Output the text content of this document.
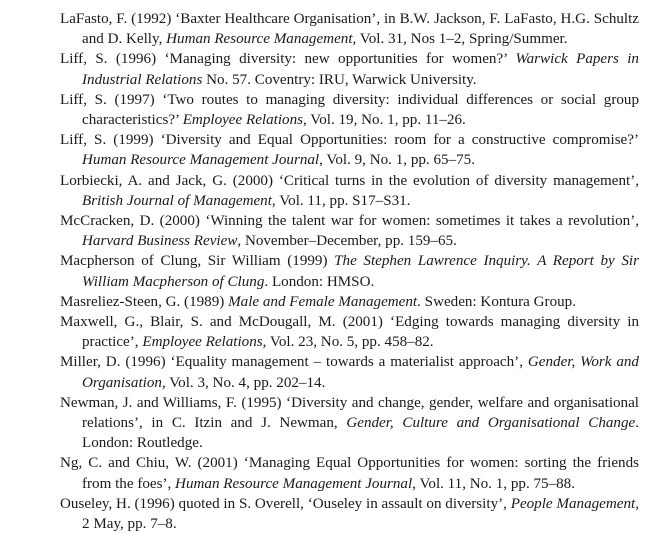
LaFasto, F. (1992) ‘Baxter Healthcare Organisation’, in B.W. Jackson, F. LaFasto, H.G. Schultz and D. Kelly, Human Resource Management, Vol. 31, Nos 1–2, Spring/Summer.

Liff, S. (1996) ‘Managing diversity: new opportunities for women?’ Warwick Papers in Industrial Relations No. 57. Coventry: IRU, Warwick University.

Liff, S. (1997) ‘Two routes to managing diversity: individual differences or social group characteristics?’ Employee Relations, Vol. 19, No. 1, pp. 11–26.

Liff, S. (1999) ‘Diversity and Equal Opportunities: room for a constructive compromise?’ Human Resource Management Journal, Vol. 9, No. 1, pp. 65–75.

Lorbiecki, A. and Jack, G. (2000) ‘Critical turns in the evolution of diversity management’, British Journal of Management, Vol. 11, pp. S17–S31.

McCracken, D. (2000) ‘Winning the talent war for women: sometimes it takes a revolution’, Harvard Business Review, November–December, pp. 159–65.

Macpherson of Clung, Sir William (1999) The Stephen Lawrence Inquiry. A Report by Sir William Macpherson of Clung. London: HMSO.

Masreliez-Steen, G. (1989) Male and Female Management. Sweden: Kontura Group.

Maxwell, G., Blair, S. and McDougall, M. (2001) ‘Edging towards managing diversity in practice’, Employee Relations, Vol. 23, No. 5, pp. 458–82.

Miller, D. (1996) ‘Equality management – towards a materialist approach’, Gender, Work and Organisation, Vol. 3, No. 4, pp. 202–14.

Newman, J. and Williams, F. (1995) ‘Diversity and change, gender, welfare and organisational relations’, in C. Itzin and J. Newman, Gender, Culture and Organisational Change. London: Routledge.

Ng, C. and Chiu, W. (2001) ‘Managing Equal Opportunities for women: sorting the friends from the foes’, Human Resource Management Journal, Vol. 11, No. 1, pp. 75–88.

Ouseley, H. (1996) quoted in S. Overell, ‘Ouseley in assault on diversity’, People Management, 2 May, pp. 7–8.
